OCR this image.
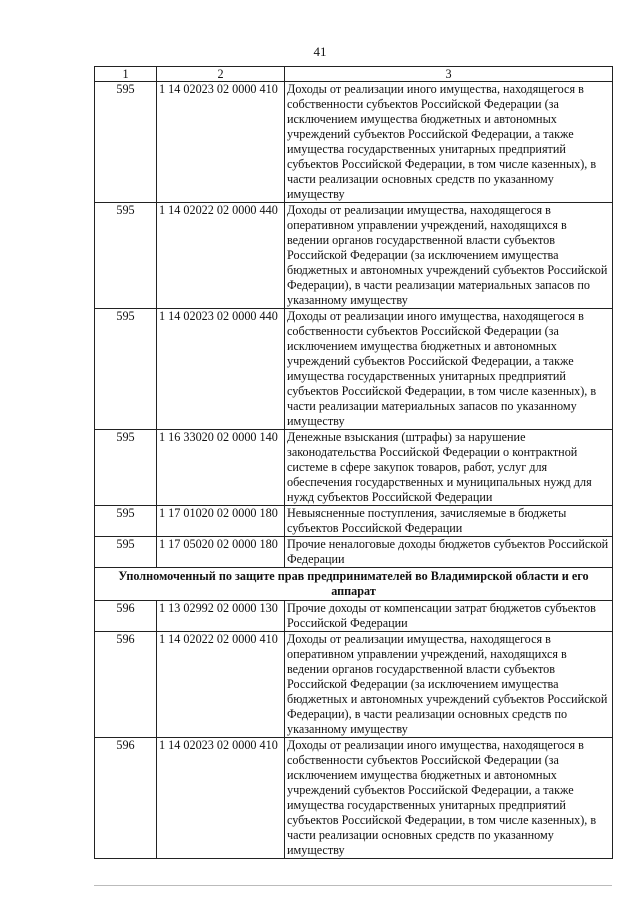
41
1	2	3
595	1 14 02023 02 0000 410	Доходы от реализации иного имущества, находящегося в собственности субъектов Российской Федерации (за исключением имущества бюджетных и автономных учреждений субъектов Российской Федерации, а также имущества государственных унитарных предприятий субъектов Российской Федерации, в том числе казенных), в части реализации основных средств по указанному имуществу
595	1 14 02022 02 0000 440	Доходы от реализации имущества, находящегося в оперативном управлении учреждений, находящихся в ведении органов государственной власти субъектов Российской Федерации (за исключением имущества бюджетных и автономных учреждений субъектов Российской Федерации), в части реализации материальных запасов по указанному имуществу
595	1 14 02023 02 0000 440	Доходы от реализации иного имущества, находящегося в собственности субъектов Российской Федерации (за исключением имущества бюджетных и автономных учреждений субъектов Российской Федерации, а также имущества государственных унитарных предприятий субъектов Российской Федерации, в том числе казенных), в части реализации материальных запасов по указанному имуществу
595	1 16 33020 02 0000 140	Денежные взыскания (штрафы) за нарушение законодательства Российской Федерации о контрактной системе в сфере закупок товаров, работ, услуг для обеспечения государственных и муниципальных нужд для нужд субъектов Российской Федерации
595	1 17 01020 02 0000 180	Невыясненные поступления, зачисляемые в бюджеты субъектов Российской Федерации
595	1 17 05020 02 0000 180	Прочие неналоговые доходы бюджетов субъектов Российской Федерации
Уполномоченный по защите прав предпринимателей во Владимирской области и его аппарат		
596	1 13 02992 02 0000 130	Прочие доходы от компенсации затрат бюджетов субъектов Российской Федерации
596	1 14 02022 02 0000 410	Доходы от реализации имущества, находящегося в оперативном управлении учреждений, находящихся в ведении органов государственной власти субъектов Российской Федерации (за исключением имущества бюджетных и автономных учреждений субъектов Российской Федерации), в части реализации основных средств по указанному имуществу
596	1 14 02023 02 0000 410	Доходы от реализации иного имущества, находящегося в собственности субъектов Российской Федерации (за исключением имущества бюджетных и автономных учреждений субъектов Российской Федерации, а также имущества государственных унитарных предприятий субъектов Российской Федерации, в том числе казенных), в части реализации основных средств по указанному имуществу
